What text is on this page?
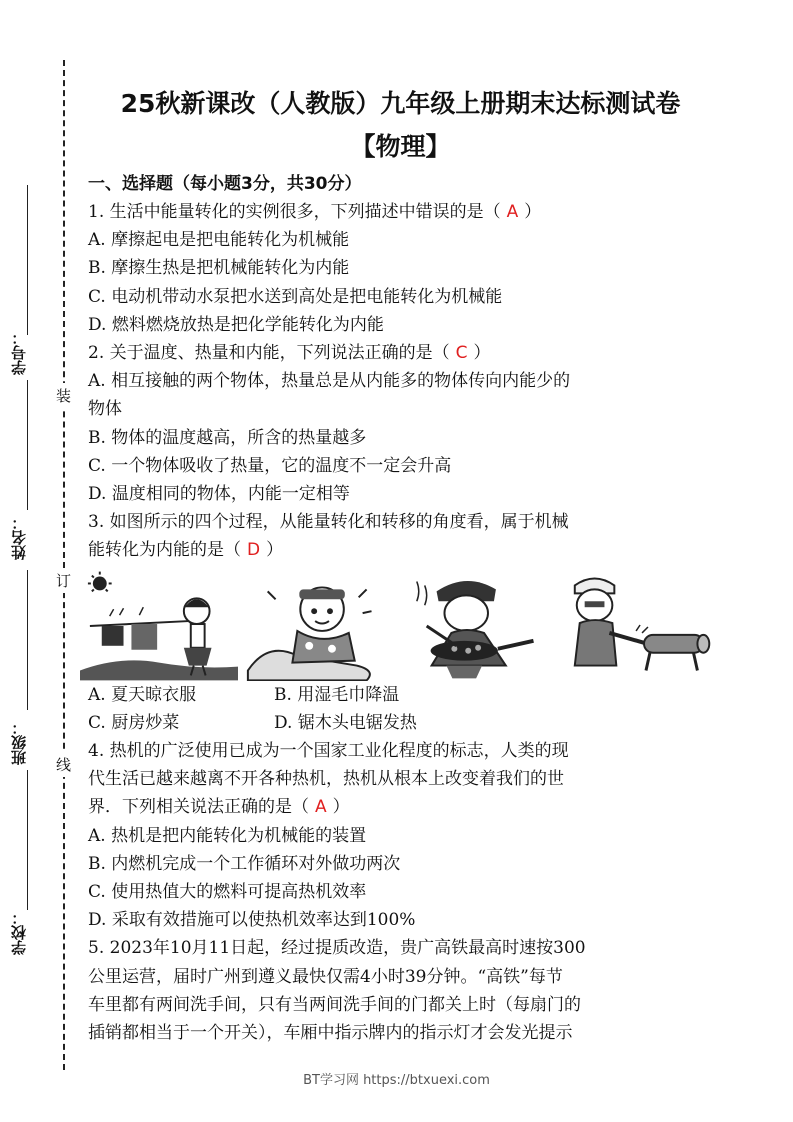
学号：
姓名：
班级：
学校：
装
订
线

25秋新课改（人教版）九年级上册期末达标测试卷

【物理】

一、选择题（每小题3分，共30分）

1. 生活中能量转化的实例很多，下列描述中错误的是（ A ）

A. 摩擦起电是把电能转化为机械能

B. 摩擦生热是把机械能转化为内能

C. 电动机带动水泵把水送到高处是把电能转化为机械能

D. 燃料燃烧放热是把化学能转化为内能

2. 关于温度、热量和内能，下列说法正确的是（ C ）

A. 相互接触的两个物体，热量总是从内能多的物体传向内能少的

物体

B. 物体的温度越高，所含的热量越多

C. 一个物体吸收了热量，它的温度不一定会升高

D. 温度相同的物体，内能一定相等

3. 如图所示的四个过程，从能量转化和转移的角度看，属于机械

能转化为内能的是（ D ）

A. 夏天晾衣服	B. 用湿毛巾降温
C. 厨房炒菜	D. 锯木头电锯发热

4. 热机的广泛使用已成为一个国家工业化程度的标志，人类的现

代生活已越来越离不开各种热机，热机从根本上改变着我们的世

界．下列相关说法正确的是（ A ）

A. 热机是把内能转化为机械能的装置

B. 内燃机完成一个工作循环对外做功两次

C. 使用热值大的燃料可提高热机效率

D. 采取有效措施可以使热机效率达到100%

5. 2023年10月11日起，经过提质改造，贵广高铁最高时速按300

公里运营，届时广州到遵义最快仅需4小时39分钟。“高铁”每节

车里都有两间洗手间，只有当两间洗手间的门都关上时（每扇门的

插销都相当于一个开关），车厢中指示牌内的指示灯才会发光提示

BT学习网 https://btxuexi.com
